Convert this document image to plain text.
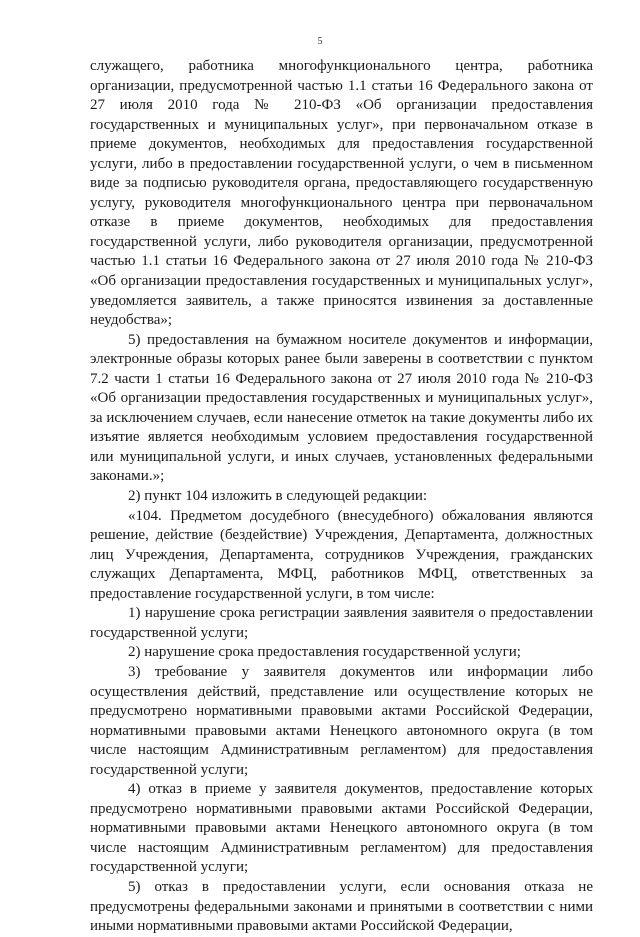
5

служащего, работника многофункционального центра, работника организации, предусмотренной частью 1.1 статьи 16 Федерального закона от 27 июля 2010 года № 210-ФЗ «Об организации предоставления государственных и муниципальных услуг», при первоначальном отказе в приеме документов, необходимых для предоставления государственной услуги, либо в предоставлении государственной услуги, о чем в письменном виде за подписью руководителя органа, предоставляющего государственную услугу, руководителя многофункционального центра при первоначальном отказе в приеме документов, необходимых для предоставления государственной услуги, либо руководителя организации, предусмотренной частью 1.1 статьи 16 Федерального закона от 27 июля 2010 года № 210-ФЗ «Об организации предоставления государственных и муниципальных услуг», уведомляется заявитель, а также приносятся извинения за доставленные неудобства»;

5) предоставления на бумажном носителе документов и информации, электронные образы которых ранее были заверены в соответствии с пунктом 7.2 части 1 статьи 16 Федерального закона от 27 июля 2010 года № 210-ФЗ «Об организации предоставления государственных и муниципальных услуг», за исключением случаев, если нанесение отметок на такие документы либо их изъятие является необходимым условием предоставления государственной или муниципальной услуги, и иных случаев, установленных федеральными законами.»;

2) пункт 104 изложить в следующей редакции:

«104. Предметом досудебного (внесудебного) обжалования являются решение, действие (бездействие) Учреждения, Департамента, должностных лиц Учреждения, Департамента, сотрудников Учреждения, гражданских служащих Департамента, МФЦ, работников МФЦ, ответственных за предоставление государственной услуги, в том числе:

1) нарушение срока регистрации заявления заявителя о предоставлении государственной услуги;

2) нарушение срока предоставления государственной услуги;

3) требование у заявителя документов или информации либо осуществления действий, представление или осуществление которых не предусмотрено нормативными правовыми актами Российской Федерации, нормативными правовыми актами Ненецкого автономного округа (в том числе настоящим Административным регламентом) для предоставления государственной услуги;

4) отказ в приеме у заявителя документов, предоставление которых предусмотрено нормативными правовыми актами Российской Федерации, нормативными правовыми актами Ненецкого автономного округа (в том числе настоящим Административным регламентом) для предоставления государственной услуги;

5) отказ в предоставлении услуги, если основания отказа не предусмотрены федеральными законами и принятыми в соответствии с ними иными нормативными правовыми актами Российской Федерации,
